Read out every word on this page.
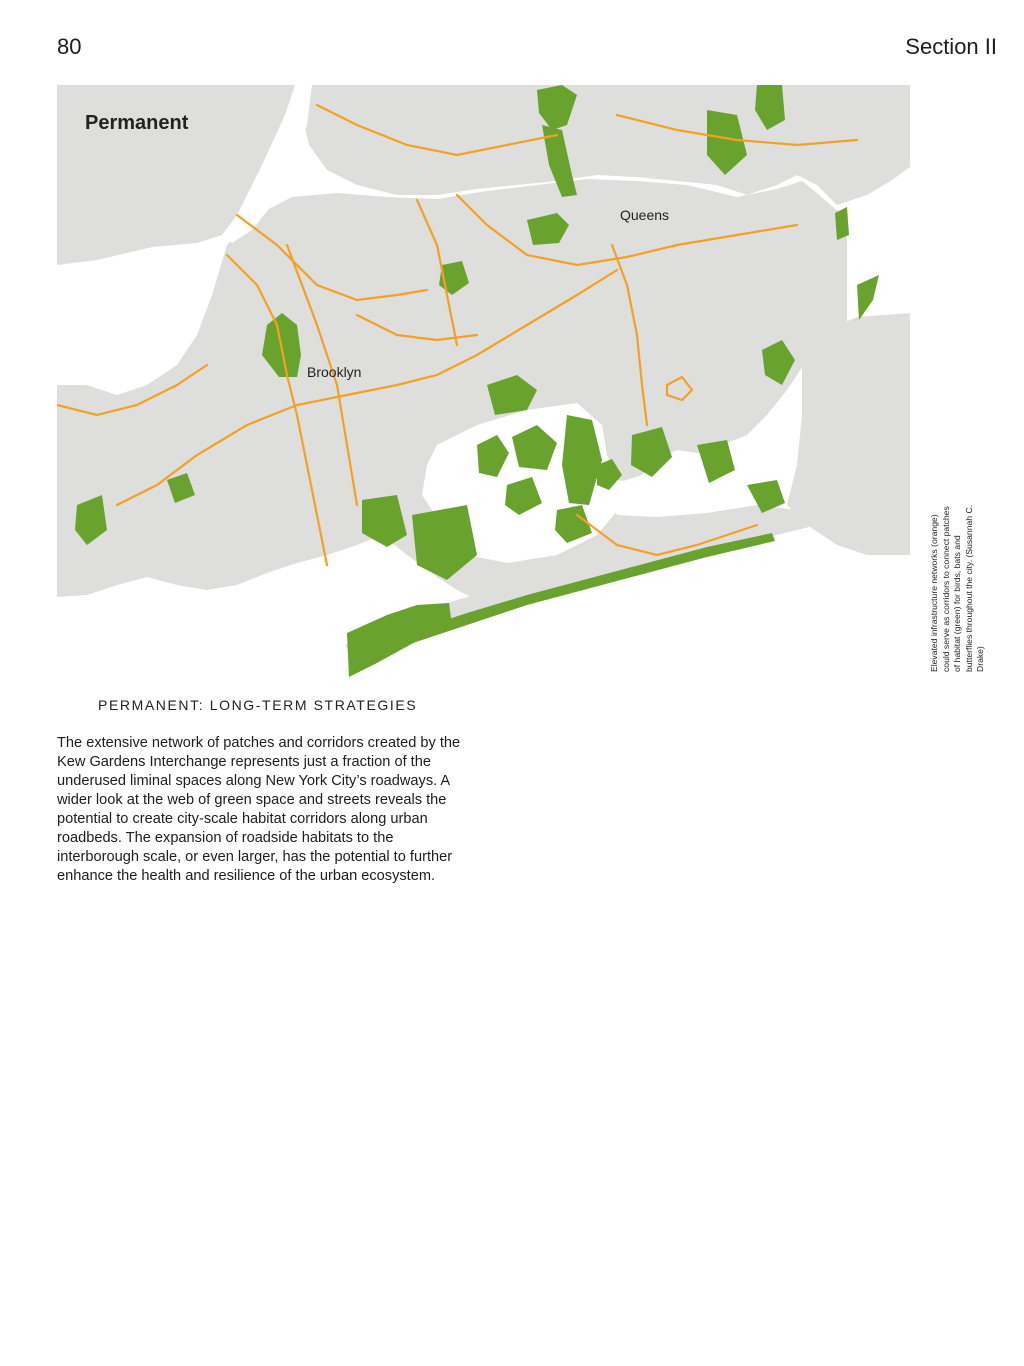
80	Section II
Permanent
Queens
Brooklyn
Elevated infrastructure networks (orange) could serve as corridors to connect patches of habitat (green) for birds, bats and butterflies throughout the city. (Susannah C. Drake)
PERMANENT: LONG-TERM STRATEGIES
The extensive network of patches and corridors created by the Kew Gardens Interchange represents just a fraction of the underused liminal spaces along New York City’s roadways. A wider look at the web of green space and streets reveals the potential to create city-scale habitat corridors along urban roadbeds. The expansion of roadside habitats to the interborough scale, or even larger, has the potential to further enhance the health and resilience of the urban ecosystem.
